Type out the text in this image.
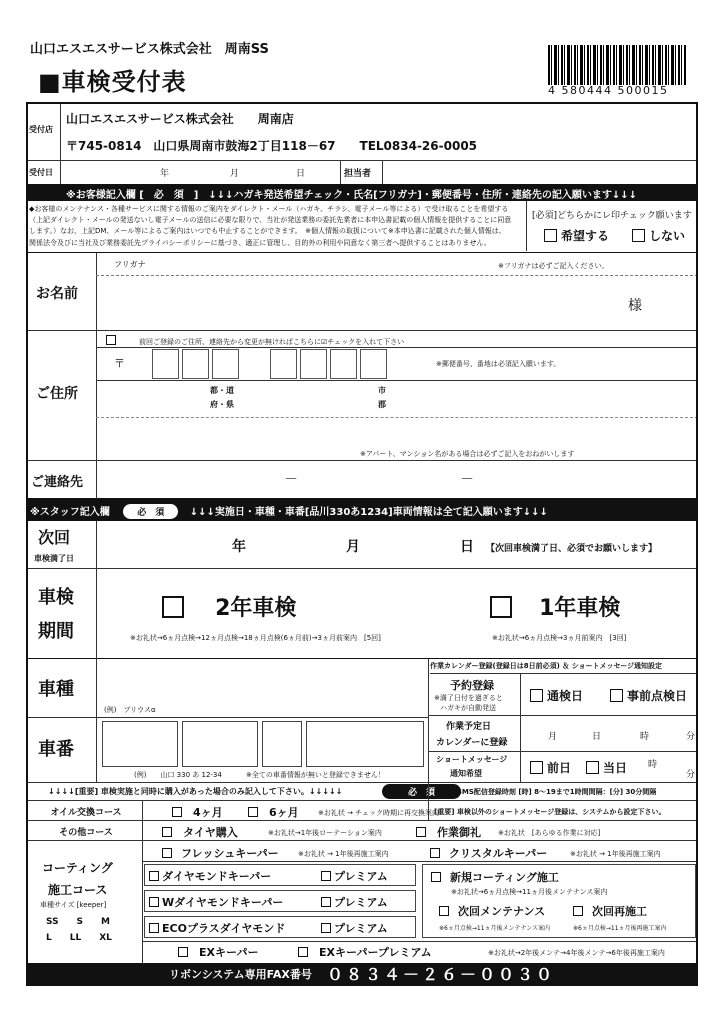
山口エスエスサービス株式会社　周南SS
■車検受付表	4 580444 500015
受付店
山口エスエスサービス株式会社　　周南店
〒745-0814　山口県周南市鼓海2丁目118－67　　TEL0834-26-0005
受付日	年	月	日	担当者
※お客様記入欄 [　必　須　]　↓↓↓ハガキ発送希望チェック・氏名[フリガナ]・郵便番号・住所・連絡先の記入願います↓↓↓
◆お客様のメンテナンス・各種サービスに関する情報のご案内をダイレクト・メール（ハガキ、チラシ、電子メール等による）で受け取ることを希望する
（上記ダイレクト・メールの発送ないし電子メールの送信に必要な限りで、当社が発送業務の委託先業者に本申込書記載の個人情報を提供することに同意
します。）なお、上記DM、メール等によるご案内はいつでも中止することができます。　※個人情報の取扱について※本申込書に記載された個人情報は、
関係法令及びに当社及び業務委託先プライバシーポリシーに基づき、適正に管理し、目的外の利用や同意なく第三者へ提供することはありません。
[必須]どちらかにレ印チェック願います
希望する	しない
お名前
フリガナ	※フリガナは必ずご記入ください。
様
ご住所
前回ご登録のご住所、連絡先から変更が無ければこちらに☑チェックを入れて下さい
〒	※郵便番号、番地は必須記入願います。
都・道
府・県
市
郡
※アパート、マンション名がある場合は必ずご記入をおねがいします
ご連絡先	－	－
※スタッフ記入欄	必　須	↓↓↓実施日・車種・車番[品川330あ1234]車両情報は全て記入願います↓↓↓
次回
車検満了日
年	月	日 【次回車検満了日、必須でお願いします】
車検
期間
2年車検
※お礼状→6ヵ月点検→12ヵ月点検→18ヵ月点検(6ヵ月前)→3ヵ月前案内　[5回]
1年車検
※お礼状→6ヵ月点検→3ヵ月前案内　[3回]
車種
(例)　プリウスα
車番
(例)　　山口 330 あ 12-34	※全ての車番情報が無いと登録できません！
作業カレンダー登録(登録日は8日前必須) ＆ ショートメッセージ通知設定
予約登録
※満了日付を過ぎると
ハガキが自動発送
通検日	事前点検日
作業予定日
カレンダーに登録
月	日	時	分
ショートメッセージ
通知希望	前日	当日 時
分
↓↓↓↓[重要] 車検実施と同時に購入があった場合のみ記入して下さい。↓↓↓↓↓	必　須
[注意] SMS配信登録時刻 [時] 8～19まで1時間間隔：[分] 30分間隔
オイル交換コース	4ヶ月	6ヶ月	※お礼状 → チェック時期に再交換案内
[重要] 車検以外のショートメッセージ登録は、システムから設定下さい。
その他コース	タイヤ購入	※お礼状→1年後ローテーション案内	作業御礼 ※お礼状　[あらゆる作業に対応]
コーティング
施工コース
車種サイズ [keeper]
SS　　S　　M
L　　LL　　XL
フレッシュキーパー	※お礼状 → 1年後再施工案内	クリスタルキーパー	※お礼状 → 1年後再施工案内
ダイヤモンドキーパー	プレミアム
Wダイヤモンドキーパー	プレミアム
ECOプラスダイヤモンド	プレミアム
新規コーティング施工
※お礼状→6ヵ月点検→11ヵ月後メンテナンス案内
次回メンテナンス	次回再施工
※6ヵ月点検→11ヵ月後メンテナンス案内	※6ヵ月点検→11ヵ月後再施工案内
EXキーパー	EXキーパープレミアム	※お礼状→2年後メンテ→4年後メンテ→6年後再施工案内
リボンシステム専用FAX番号 ０８３４－２６－００３０
